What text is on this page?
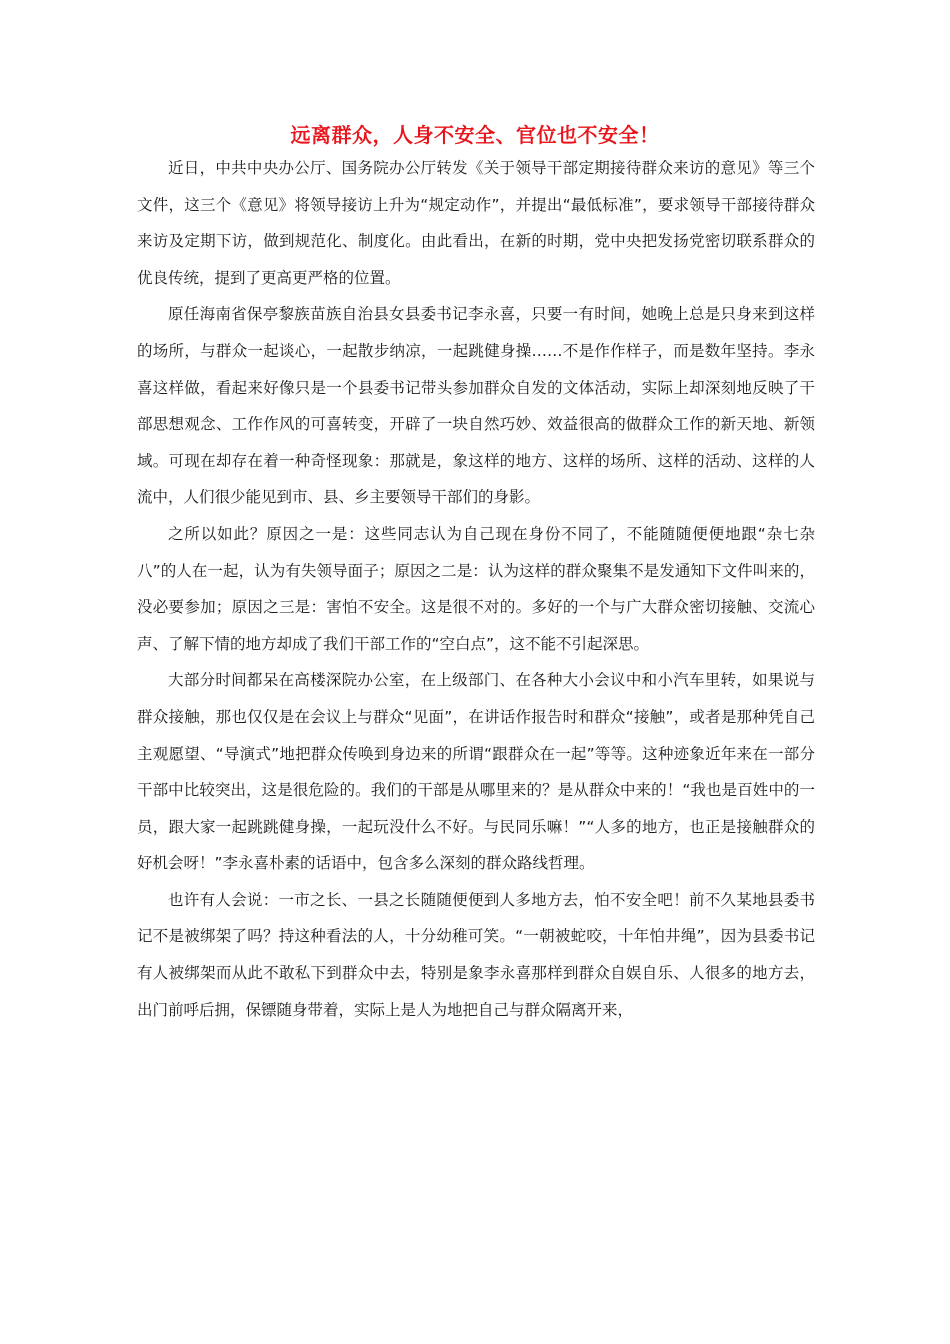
远离群众，人身不安全、官位也不安全！

近日，中共中央办公厅、国务院办公厅转发《关于领导干部定期接待群众来访的意见》等三个文件，这三个《意见》将领导接访上升为“规定动作”，并提出“最低标准”，要求领导干部接待群众来访及定期下访，做到规范化、制度化。由此看出，在新的时期，党中央把发扬党密切联系群众的优良传统，提到了更高更严格的位置。

原任海南省保亭黎族苗族自治县女县委书记李永喜，只要一有时间，她晚上总是只身来到这样的场所，与群众一起谈心，一起散步纳凉，一起跳健身操……不是作作样子，而是数年坚持。李永喜这样做，看起来好像只是一个县委书记带头参加群众自发的文体活动，实际上却深刻地反映了干部思想观念、工作作风的可喜转变，开辟了一块自然巧妙、效益很高的做群众工作的新天地、新领域。可现在却存在着一种奇怪现象：那就是，象这样的地方、这样的场所、这样的活动、这样的人流中，人们很少能见到市、县、乡主要领导干部们的身影。

之所以如此？原因之一是：这些同志认为自己现在身份不同了，不能随随便便地跟“杂七杂八”的人在一起，认为有失领导面子；原因之二是：认为这样的群众聚集不是发通知下文件叫来的，没必要参加；原因之三是：害怕不安全。这是很不对的。多好的一个与广大群众密切接触、交流心声、了解下情的地方却成了我们干部工作的“空白点”，这不能不引起深思。

大部分时间都呆在高楼深院办公室，在上级部门、在各种大小会议中和小汽车里转，如果说与群众接触，那也仅仅是在会议上与群众“见面”，在讲话作报告时和群众“接触”，或者是那种凭自己主观愿望、“导演式”地把群众传唤到身边来的所谓“跟群众在一起”等等。这种迹象近年来在一部分干部中比较突出，这是很危险的。我们的干部是从哪里来的？是从群众中来的！“我也是百姓中的一员，跟大家一起跳跳健身操，一起玩没什么不好。与民同乐嘛！”“人多的地方，也正是接触群众的好机会呀！”李永喜朴素的话语中，包含多么深刻的群众路线哲理。

也许有人会说：一市之长、一县之长随随便便到人多地方去，怕不安全吧！前不久某地县委书记不是被绑架了吗？持这种看法的人，十分幼稚可笑。“一朝被蛇咬，十年怕井绳”，因为县委书记有人被绑架而从此不敢私下到群众中去，特别是象李永喜那样到群众自娱自乐、人很多的地方去，出门前呼后拥，保镖随身带着，实际上是人为地把自己与群众隔离开来，
